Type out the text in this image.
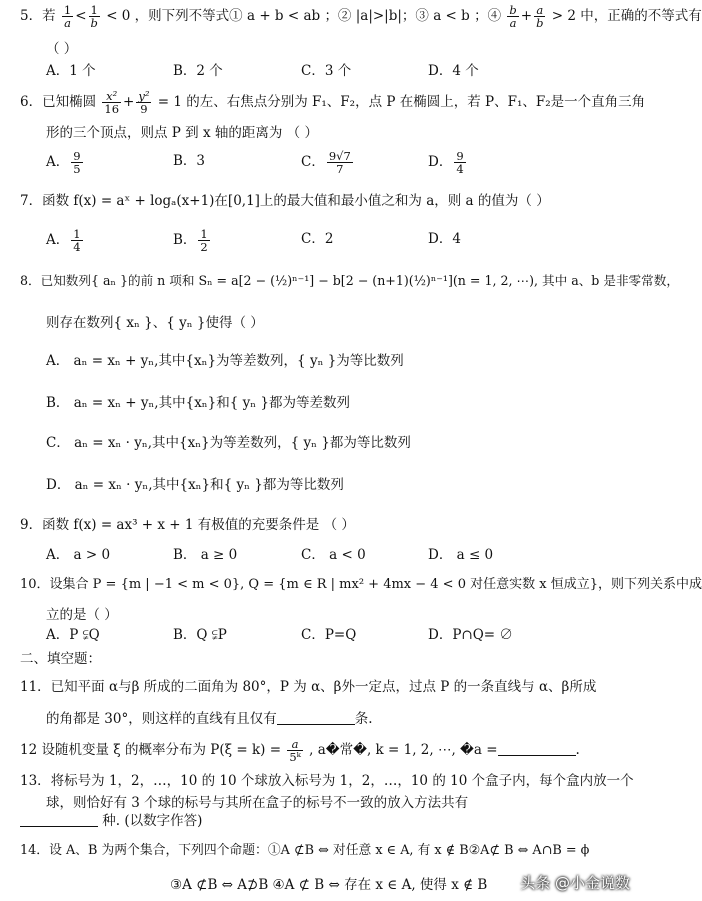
5．若 $\frac{1}{a} < \frac{1}{b} < 0$ ，则下列不等式① a + b < ab ；② |a|>|b|；③ a < b ；④ $\frac{b}{a} + \frac{a}{b} > 2$ 中，正确的不等式有
（ ）
A．1 个	B．2 个	C．3 个	D．4 个
6．已知椭圆 $\frac{\text{x²}}{16} + \frac{\text{y²}}{9} = 1$ 的左、右焦点分别为 F₁、F₂，点 P 在椭圆上，若 P、F₁、F₂是一个直角三角
形的三个顶点，则点 P 到 x 轴的距离为 （ ）
A． $\frac{9}{5}$	B．3	C． $\frac{9√7}{7}$	D． $\frac{9}{4}$
7．函数 f(x) = aˣ + logₐ(x+1)在[0,1]上的最大值和最小值之和为 a，则 a 的值为（ ）
A． $\frac{1}{4}$	B． $\frac{1}{2}$	C．2	D．4
8．已知数列{ aₙ }的前 n 项和 Sₙ = a[2 − (½)ⁿ⁻¹] − b[2 − (n+1)(½)ⁿ⁻¹](n = 1, 2, ⋯), 其中 a、b 是非零常数，
则存在数列{ xₙ }、{ yₙ }使得（ ）
A． aₙ = xₙ + yₙ,其中{xₙ}为等差数列，{ yₙ }为等比数列
B． aₙ = xₙ + yₙ,其中{xₙ}和{ yₙ }都为等差数列
C． aₙ = xₙ · yₙ,其中{xₙ}为等差数列，{ yₙ }都为等比数列
D． aₙ = xₙ · yₙ,其中{xₙ}和{ yₙ }都为等比数列
9．函数 f(x) = ax³ + x + 1 有极值的充要条件是 （ ）
A． a > 0	B． a ≥ 0	C． a < 0	D． a ≤ 0
10．设集合 P = {m | −1 < m < 0}, Q = {m ∈ R | mx² + 4mx − 4 < 0 对任意实数 x 恒成立}，则下列关系中成
立的是（ ）
A．P ⫋Q	B．Q ⫋P	C．P=Q	D．P∩Q= ∅
二、填空题：
11．已知平面 α与β 所成的二面角为 80°，P 为 α、β外一定点，过点 P 的一条直线与 α、β所成
的角都是 30°，则这样的直线有且仅有	条.
12 设随机变量 ξ 的概率分布为 $P(\xi = k) = \frac{a}{\text{5ᵏ}}$ , a�常�, k = 1, 2, ⋯, �a =	.
13．将标号为 1，2，…，10 的 10 个球放入标号为 1，2，…，10 的 10 个盒子内，每个盒内放一个
球，则恰好有 3 个球的标号与其所在盒子的标号不一致的放入方法共有
种. (以数字作答)
14．设 A、B 为两个集合，下列四个命题：①A ⊄B ⇔ 对任意 x ∈ A, 有 x ∉ B②A⊄ B ⇔ A∩B = ϕ
③A ⊄B ⇔ A⊅B ④A ⊄ B ⇔ 存在 x ∈ A, 使得 x ∉ B 头条 @小金说数
